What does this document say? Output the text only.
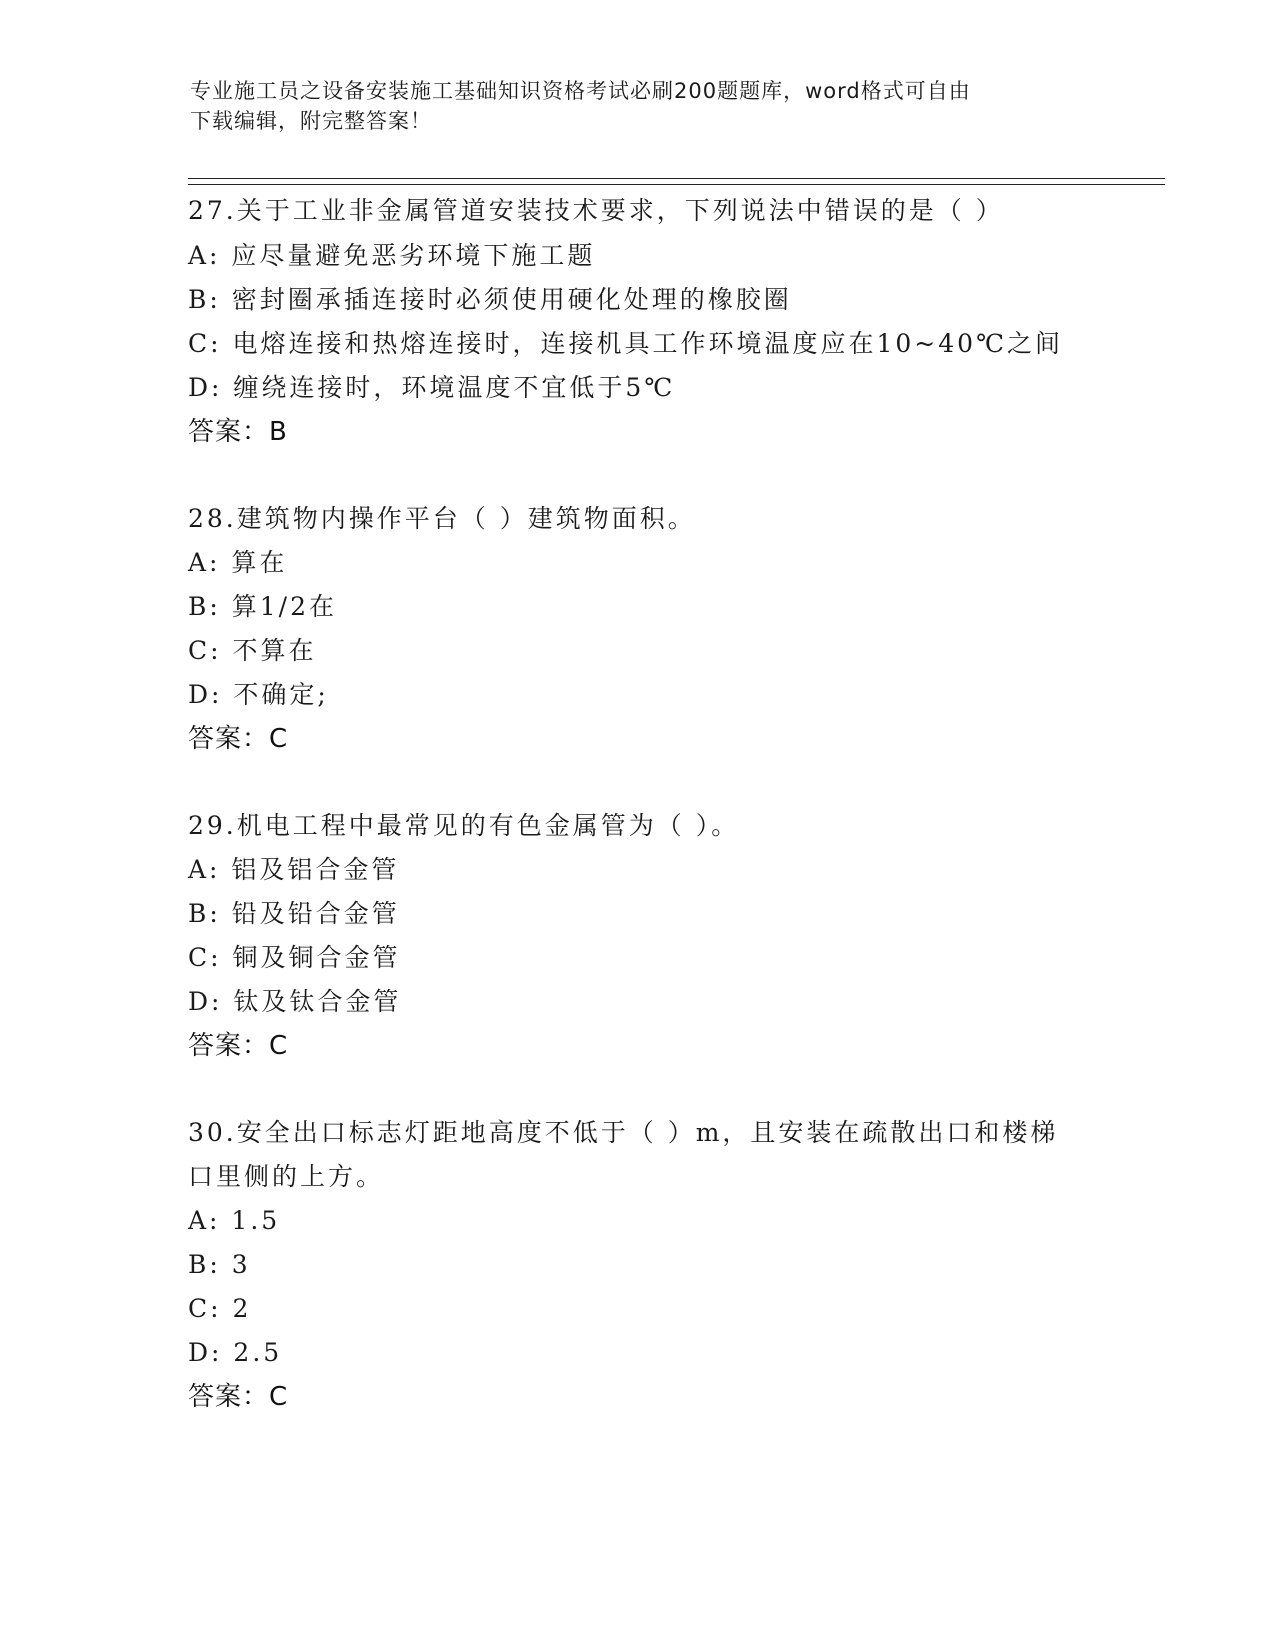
专业施工员之设备安装施工基础知识资格考试必刷200题题库，word格式可自由
下载编辑，附完整答案！
27.关于工业非金属管道安装技术要求，下列说法中错误的是（ ）
A: 应尽量避免恶劣环境下施工题
B: 密封圈承插连接时必须使用硬化处理的橡胶圈
C: 电熔连接和热熔连接时，连接机具工作环境温度应在10~40℃之间
D: 缠绕连接时，环境温度不宜低于5℃
答案：B
28.建筑物内操作平台（ ）建筑物面积。
A: 算在
B: 算1/2在
C: 不算在
D: 不确定;
答案：C
29.机电工程中最常见的有色金属管为（ ）。
A: 铝及铝合金管
B: 铅及铅合金管
C: 铜及铜合金管
D: 钛及钛合金管
答案：C
30.安全出口标志灯距地高度不低于（ ）m，且安装在疏散出口和楼梯
口里侧的上方。
A: 1.5
B: 3
C: 2
D: 2.5
答案：C
